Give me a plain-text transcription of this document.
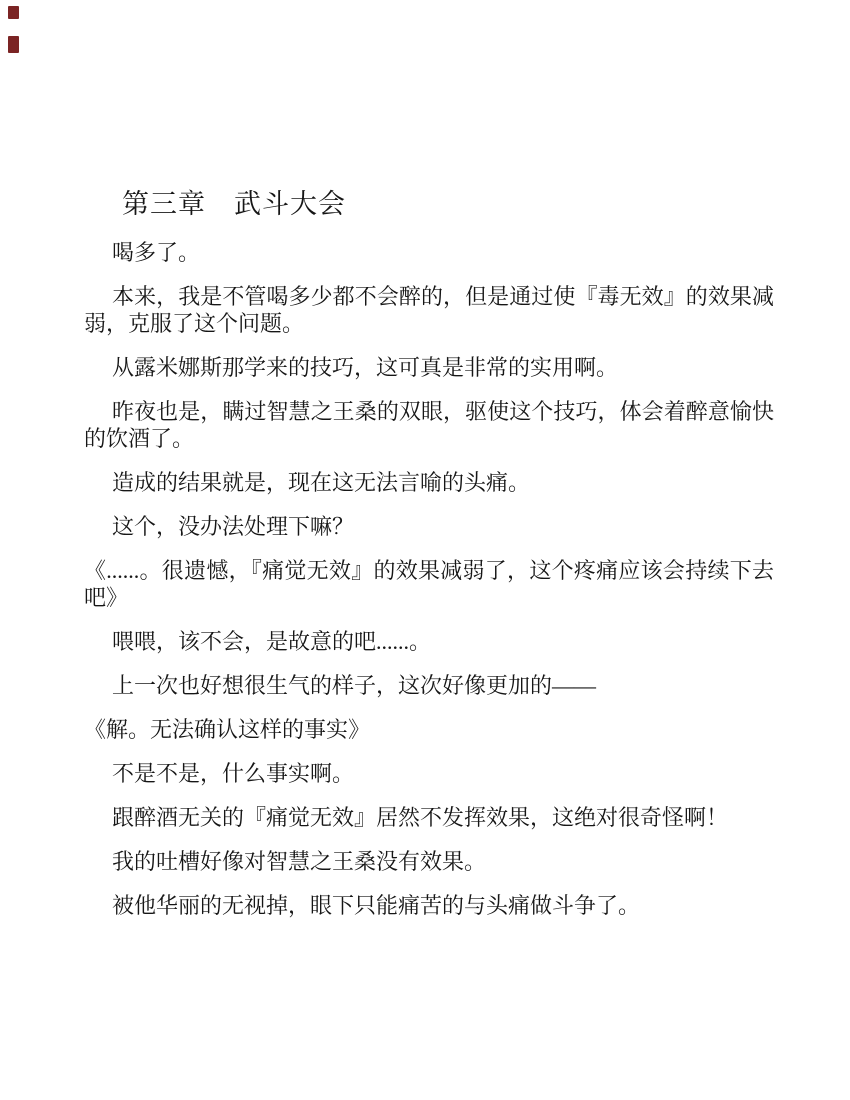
第三章　武斗大会

喝多了。

本来，我是不管喝多少都不会醉的，但是通过使『毒无效』的效果减弱，克服了这个问题。

从露米娜斯那学来的技巧，这可真是非常的实用啊。

昨夜也是，瞒过智慧之王桑的双眼，驱使这个技巧，体会着醉意愉快的饮酒了。

造成的结果就是，现在这无法言喻的头痛。

这个，没办法处理下嘛？

《......。很遗憾，『痛觉无效』的效果减弱了，这个疼痛应该会持续下去吧》

喂喂，该不会，是故意的吧......。

上一次也好想很生气的样子，这次好像更加的——

《解。无法确认这样的事实》

不是不是，什么事实啊。

跟醉酒无关的『痛觉无效』居然不发挥效果，这绝对很奇怪啊！

我的吐槽好像对智慧之王桑没有效果。

被他华丽的无视掉，眼下只能痛苦的与头痛做斗争了。
